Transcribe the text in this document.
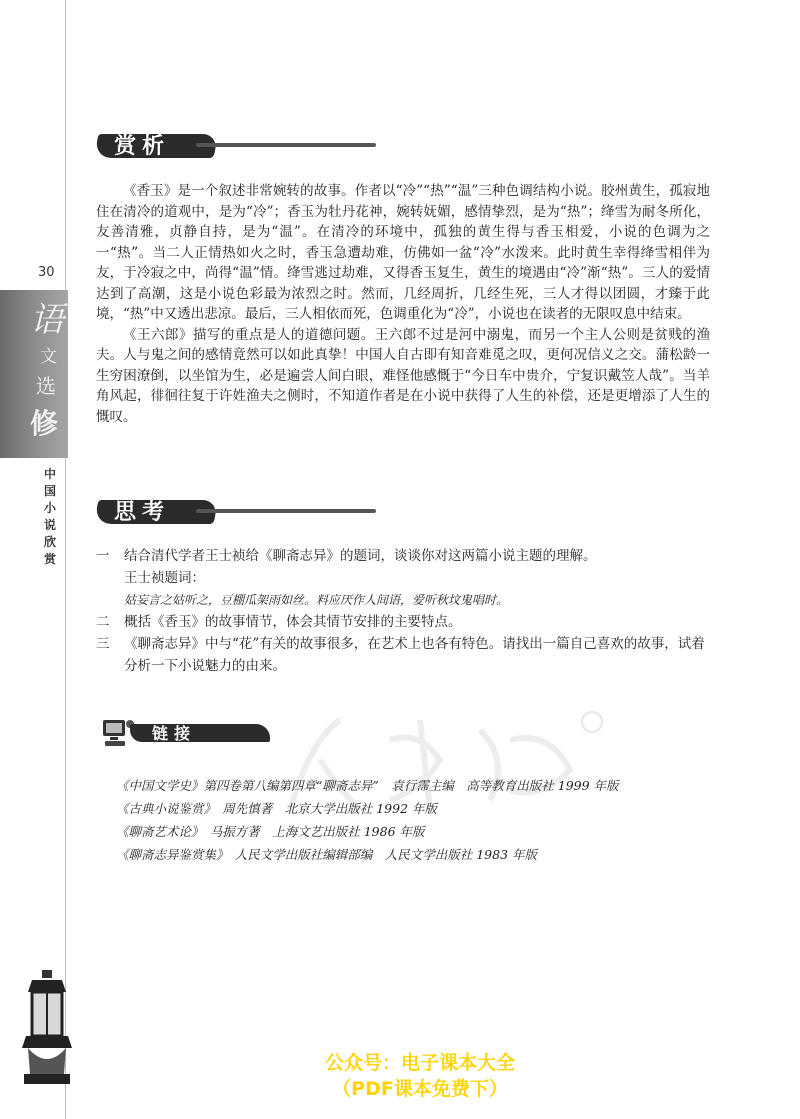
30
语
文
选
修
中国小说欣赏
赏析

《香玉》是一个叙述非常婉转的故事。作者以“冷”“热”“温”三种色调结构小说。胶州黄生，孤寂地住在清冷的道观中，是为“冷”；香玉为牡丹花神，婉转妩媚，感情挚烈，是为“热”；绛雪为耐冬所化，友善清雅，贞静自持，是为“温”。在清冷的环境中，孤独的黄生得与香玉相爱，小说的色调为之一“热”。当二人正情热如火之时，香玉急遭劫难，仿佛如一盆“冷”水泼来。此时黄生幸得绛雪相伴为友，于冷寂之中，尚得“温”情。绛雪逃过劫难，又得香玉复生，黄生的境遇由“冷”渐“热”。三人的爱情达到了高潮，这是小说色彩最为浓烈之时。然而，几经周折，几经生死，三人才得以团圆，才臻于此境，“热”中又透出悲凉。最后，三人相依而死，色调重化为“冷”，小说也在读者的无限叹息中结束。

《王六郎》描写的重点是人的道德问题。王六郎不过是河中溺鬼，而另一个主人公则是贫贱的渔夫。人与鬼之间的感情竟然可以如此真挚！中国人自古即有知音难觅之叹，更何况信义之交。蒲松龄一生穷困潦倒，以坐馆为生，必是遍尝人间白眼，难怪他感慨于“今日车中贵介，宁复识戴笠人哉”。当羊角风起，徘徊往复于许姓渔夫之侧时，不知道作者是在小说中获得了人生的补偿，还是更增添了人生的慨叹。

思考
一 结合清代学者王士祯给《聊斋志异》的题词，谈谈你对这两篇小说主题的理解。
王士祯题词：
姑妄言之姑听之，豆棚瓜架雨如丝。料应厌作人间语，爱听秋坟鬼唱时。
二 概括《香玉》的故事情节，体会其情节安排的主要特点。
三 《聊斋志异》中与“花”有关的故事很多，在艺术上也各有特色。请找出一篇自己喜欢的故事，试着分析一下小说魅力的由来。
链接
《中国文学史》第四卷第八编第四章“聊斋志异”　袁行霈主编　高等教育出版社 1999 年版
《古典小说鉴赏》　周先慎著　北京大学出版社 1992 年版
《聊斋艺术论》　马振方著　上海文艺出版社 1986 年版
《聊斋志异鉴赏集》　人民文学出版社编辑部编　人民文学出版社 1983 年版
公众号：电子课本大全
（PDF课本免费下）
